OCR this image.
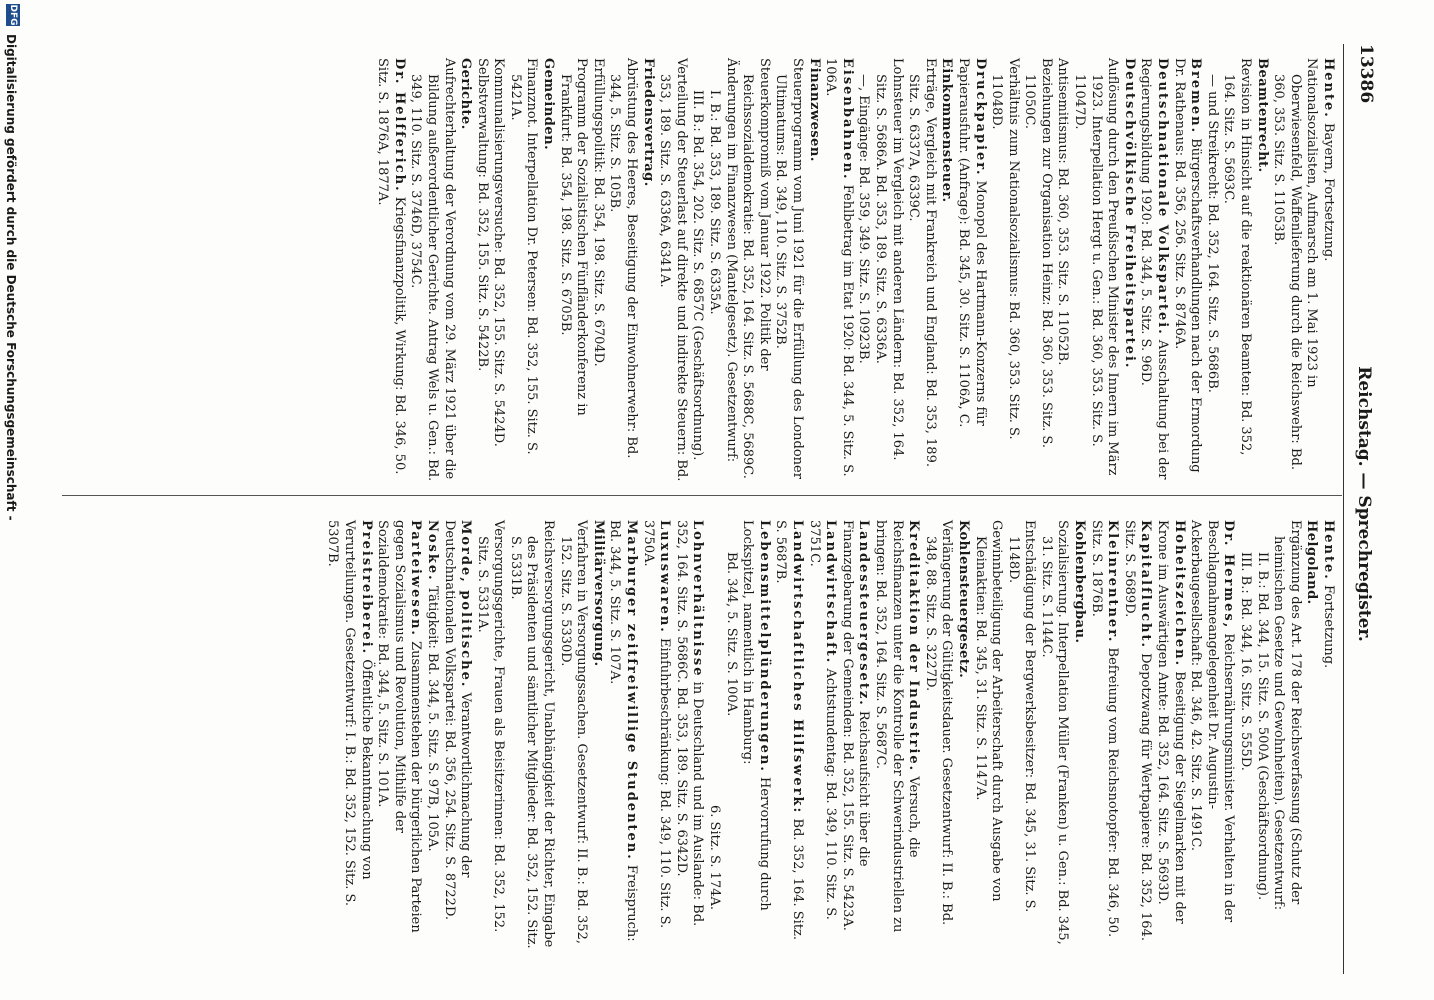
13386
Reichstag. — Sprechregister.

Hente. Bayern, Fortsetzung.

Nationalsozialisten, Aufmarsch am 1. Mai 1923 in Oberwiesenfeld, Waffenlieferung durch die Reichswehr: Bd. 360, 353. Sitz. S. 11053B.

Beamtenrecht.

Revision in Hinsicht auf die reaktionären Beamten: Bd. 352, 164. Sitz. S. 5693C.

— und Streikrecht: Bd. 352, 164. Sitz. S. 5686B.

Bremen. Bürgerschaftsverhandlungen nach der Ermordung Dr. Rathenaus: Bd. 356, 256. Sitz. S. 8746A.

Deutschnationale Volkspartei. Ausschaltung bei der Regierungsbildung 1920: Bd. 344, 5. Sitz. S. 96D.

Deutschvölkische Freiheitspartei.

Auflösung durch den Preußischen Minister des Innern im März 1923. Interpellation Hergt u. Gen.: Bd. 360, 353. Sitz. S. 11047D.

Antisemitismus: Bd. 360, 353. Sitz. S. 11052B.

Beziehungen zur Organisation Heinz: Bd. 360, 353. Sitz. S. 11050C.

Verhältnis zum Nationalsozialismus: Bd. 360, 353. Sitz. S. 11048D.

Druckpapier. Monopol des Hartmann-Konzerns für Papierausfuhr. (Anfrage): Bd. 345, 30. Sitz. S. 1106A, C.

Einkommensteuer.

Erträge, Vergleich mit Frankreich und England: Bd. 353, 189. Sitz. S. 6337A, 6339C.

Lohnsteuer im Vergleich mit anderen Ländern: Bd. 352, 164. Sitz. S. 5686A. Bd. 353, 189. Sitz. S. 6336A.

—, Eingänge: Bd. 359, 349. Sitz. S. 10923B.

Eisenbahnen. Fehlbetrag im Etat 1920: Bd. 344, 5. Sitz. S. 106A.

Finanzwesen.

Steuerprogramm vom Juni 1921 für die Erfüllung des Londoner Ultimatums: Bd. 349, 110. Sitz. S. 3752B.

Steuerkompromiß vom Januar 1922. Politik der Reichssozialdemokratie: Bd. 352, 164. Sitz. S. 5688C, 5689C.

Änderungen im Finanzwesen (Mantelgesetz). Gesetzentwurf:

I. B.: Bd. 353, 189. Sitz. S. 6335A.

III. B.: Bd. 354, 202. Sitz. S. 6857C (Geschäftsordnung).

Verteilung der Steuerlast auf direkte und indirekte Steuern: Bd. 353, 189. Sitz. S. 6336A, 6341A.

Friedensvertrag.

Abrüstung des Heeres, Beseitigung der Einwohnerwehr: Bd. 344, 5. Sitz. S. 105B.

Erfüllungspolitik: Bd. 354, 198. Sitz. S. 6704D.

Programm der Sozialistischen Fünfländerkonferenz in Frankfurt: Bd. 354, 198. Sitz. S. 6705B.

Gemeinden.

Finanznot. Interpellation Dr. Petersen: Bd. 352, 155. Sitz. S. 5421A.

Kommunalisierungsversuche: Bd. 352, 155. Sitz. S. 5424D.

Selbstverwaltung: Bd. 352, 155. Sitz. S. 5422B.

Gerichte.

Aufrechterhaltung der Verordnung vom 29. März 1921 über die Bildung außerordentlicher Gerichte. Antrag Wels u. Gen.: Bd. 349, 110. Sitz. S. 3746D, 3754C.

Dr. Helfferich. Kriegsfinanzpolitik, Wirkung: Bd. 346, 50. Sitz. S. 1876A, 1877A.

Hente. Fortsetzung.

Helgoland.

Ergänzung des Art. 178 der Reichsverfassung (Schutz der heimischen Gesetze und Gewohnheiten). Gesetzentwurf:

II. B.: Bd. 344, 15. Sitz. S. 500A (Geschäftsordnung).

III. B.: Bd. 344, 16. Sitz. S. 555D.

Dr. Hermes, Reichsernährungsminister. Verhalten in der Beschlagnahmeangelegenheit Dr. Augustin-Ackerbaugesellschaft: Bd. 346, 42. Sitz. S. 1491C.

Hoheitszeichen. Beseitigung der Siegelmarken mit der Krone im Auswärtigen Amte: Bd. 352, 164. Sitz. S. 5693D.

Kapitalflucht. Depotzwang für Wertpapiere: Bd. 352, 164. Sitz. S. 5689D.

Kleinrentner. Befreiung vom Reichsnotopfer: Bd. 346, 50. Sitz. S. 1876B.

Kohlenbergbau.

Sozialisierung. Interpellation Müller (Franken) u. Gen.: Bd. 345, 31. Sitz. S. 1144C.

Entschädigung der Bergwerksbesitzer: Bd. 345, 31. Sitz. S. 1148D.

Gewinnbeteiligung der Arbeiterschaft durch Ausgabe von Kleinaktien: Bd. 345, 31. Sitz. S. 1147A.

Kohlensteuergesetz.

Verlängerung der Gültigkeitsdauer. Gesetzentwurf: II. B.: Bd. 348, 88. Sitz. S. 3227D.

Kreditaktion der Industrie. Versuch, die Reichsfinanzen unter die Kontrolle der Schwerindustriellen zu bringen: Bd. 352, 164. Sitz. S. 5687C.

Landessteuergesetz. Reichsaufsicht über die Finanzgebarung der Gemeinden: Bd. 352, 155. Sitz. S. 5423A.

Landwirtschaft. Achtstundentag: Bd. 349, 110. Sitz. S. 3751C.

Landwirtschaftliches Hilfswerk: Bd. 352, 164. Sitz. S. 5687B.

Lebensmittelplünderungen. Hervorrufung durch Lockspitzel, namentlich in Hamburg:

Bd. 344, 5. Sitz. S. 100A.

6. Sitz. S. 174A.

Lohnverhältnisse in Deutschland und im Auslande: Bd. 352, 164. Sitz. S. 5686C. Bd. 353, 189. Sitz. S. 6342D.

Luxuswaren. Einfuhrbeschränkung: Bd. 349, 110. Sitz. S. 3750A.

Marburger zeitfreiwillige Studenten. Freispruch: Bd. 344, 5. Sitz. S. 107A.

Militärversorgung.

Verfahren in Versorgungssachen. Gesetzentwurf: II. B.: Bd. 352, 152. Sitz. S. 5330D.

Reichsversorgungsgericht, Unabhängigkeit der Richter, Eingabe des Präsidenten und sämtlicher Mitglieder: Bd. 352, 152. Sitz. S. 5331B.

Versorgungsgerichte, Frauen als Beisitzerinnen: Bd. 352, 152. Sitz. S. 5331A.

Morde, politische. Verantwortlichmachung der Deutschnationalen Volkspartei: Bd. 356, 254. Sitz. S. 8722D.

Noske. Tätigkeit: Bd. 344, 5. Sitz. S. 97B, 105A.

Parteiwesen. Zusammenstehen der bürgerlichen Parteien gegen Sozialismus und Revolution, Mithilfe der Sozialdemokratie: Bd. 344, 5. Sitz. S. 101A.

Preistreiberei. Öffentliche Bekanntmachung von Verurteilungen. Gesetzentwurf: I. B.: Bd. 352, 152. Sitz. S. 5307B.

DFG
Digitalisierung gefördert durch die Deutsche Forschungsgemeinschaft -
